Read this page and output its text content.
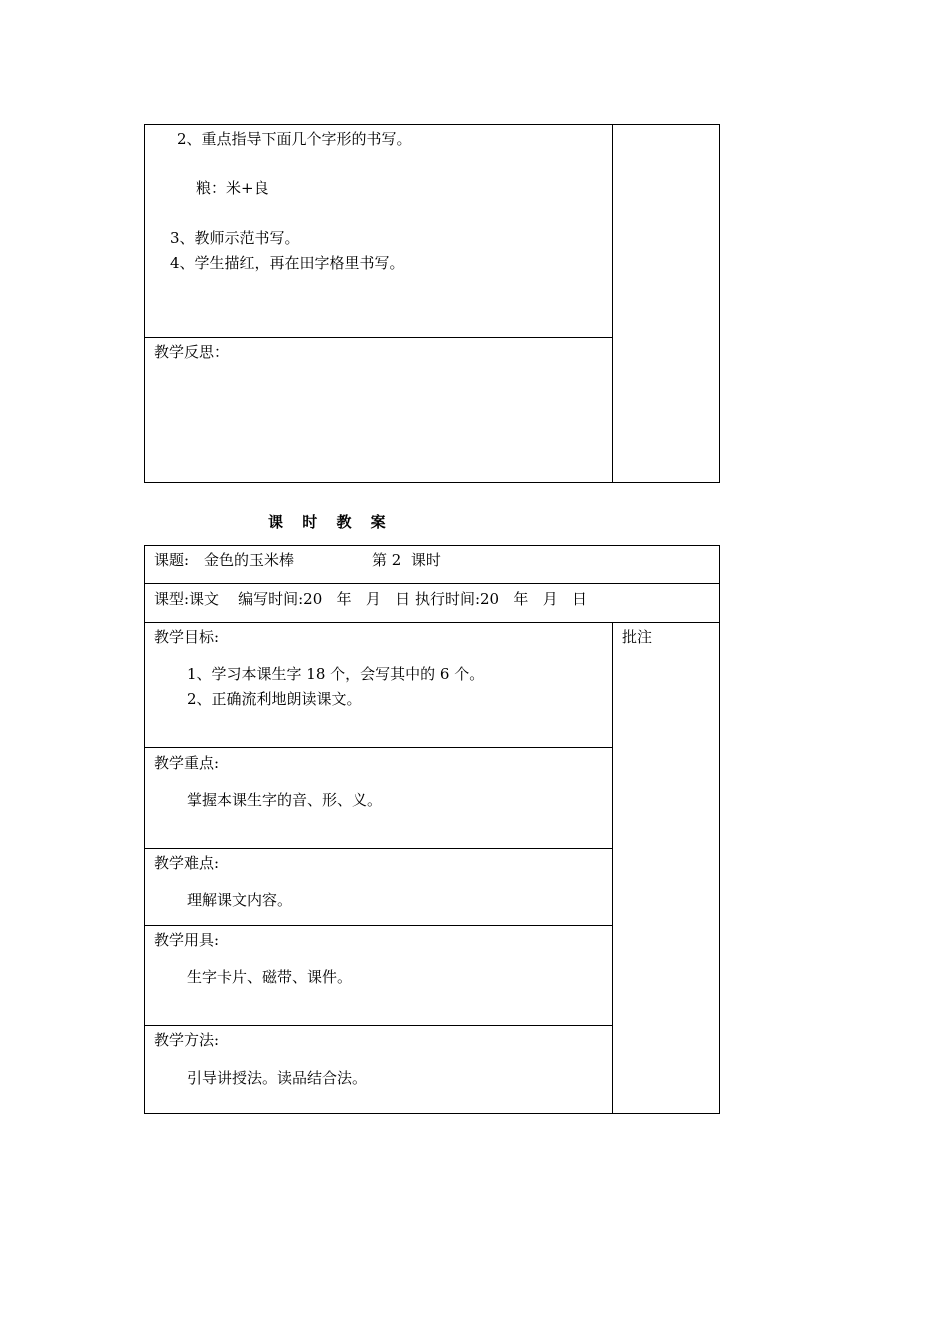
2、重点指导下面几个字形的书写。
粮：米+良
3、教师示范书写。
4、学生描红，再在田字格里书写。
教学反思：
课 时 教 案
课题: 金色的玉米棒	第 2  课时
课型:课文    编写时间:20   年   月   日 执行时间:20   年   月   日
批注
教学目标:
1、学习本课生字 18 个，会写其中的 6 个。
2、正确流利地朗读课文。
教学重点:
掌握本课生字的音、形、义。
教学难点:
理解课文内容。
教学用具:
生字卡片、磁带、课件。
教学方法:
引导讲授法。读品结合法。
